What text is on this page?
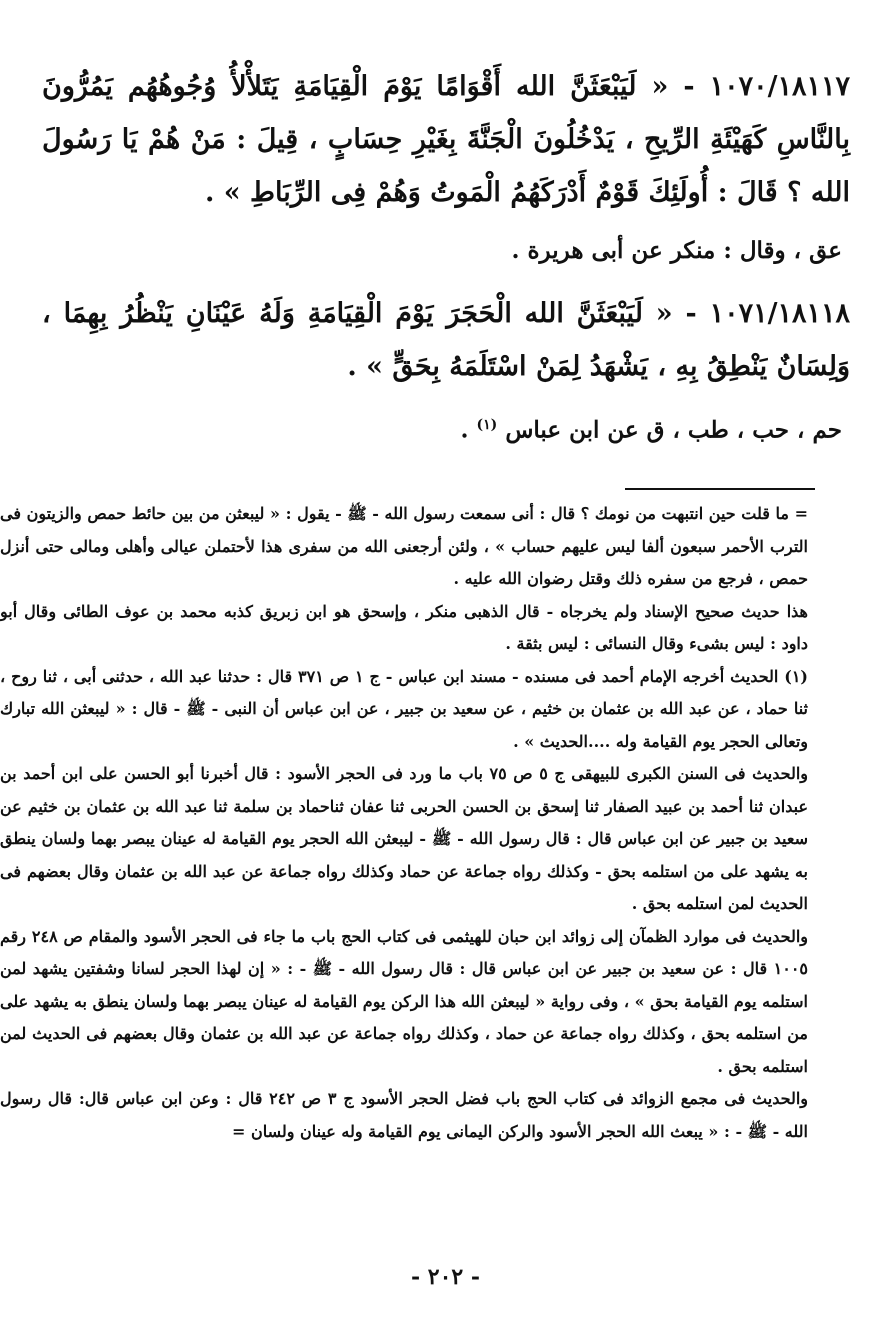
١٠٧٠/١٨١١٧ - « لَيَبْعَثَنَّ الله أَقْوَامًا يَوْمَ الْقِيَامَةِ يَتَلأْلأُ وُجُوهُهُم يَمُرُّونَ بِالنَّاسِ كَهَيْئَةِ الرِّيحِ ، يَدْخُلُونَ الْجَنَّةَ بِغَيْرِ حِسَابٍ ، قِيلَ : مَنْ هُمْ يَا رَسُولَ الله ؟ قَالَ : أُولَئِكَ قَوْمٌ أَدْرَكَهُمُ الْمَوتُ وَهُمْ فِى الرِّبَاطِ » .

عق ، وقال : منكر عن أبى هريرة .

١٠٧١/١٨١١٨ - « لَيَبْعَثَنَّ الله الْحَجَرَ يَوْمَ الْقِيَامَةِ وَلَهُ عَيْنَانِ يَنْظُرُ بِهِمَا ، وَلِسَانٌ يَنْطِقُ بِهِ ، يَشْهَدُ لِمَنْ اسْتَلَمَهُ بِحَقٍّ » .

حم ، حب ، طب ، ق عن ابن عباس $^{(١)}$ .

= ما قلت حين انتبهت من نومك ؟ قال : أنى سمعت رسول الله - ﷺ - يقول : « ليبعثن من بين حائط حمص والزيتون فى الترب الأحمر سبعون ألفا ليس عليهم حساب » ، ولئن أرجعنى الله من سفرى هذا لأحتملن عيالى وأهلى ومالى حتى أنزل حمص ، فرجع من سفره ذلك وقتل رضوان الله عليه .

هذا حديث صحيح الإسناد ولم يخرجاه - قال الذهبى منكر ، وإسحق هو ابن زبريق كذبه محمد بن عوف الطائى وقال أبو داود : ليس بشىء وقال النسائى : ليس بثقة .

(١) الحديث أخرجه الإمام أحمد فى مسنده - مسند ابن عباس - ج ١ ص ٣٧١ قال : حدثنا عبد الله ، حدثنى أبى ، ثنا روح ، ثنا حماد ، عن عبد الله بن عثمان بن خثيم ، عن سعيد بن جبير ، عن ابن عباس أن النبى - ﷺ - قال : « ليبعثن الله تبارك وتعالى الحجر يوم القيامة وله ....الحديث » .

والحديث فى السنن الكبرى للبيهقى ج ٥ ص ٧٥ باب ما ورد فى الحجر الأسود : قال أخبرنا أبو الحسن على ابن أحمد بن عبدان ثنا أحمد بن عبيد الصفار ثنا إسحق بن الحسن الحربى ثنا عفان ثناحماد بن سلمة ثنا عبد الله بن عثمان بن خثيم عن سعيد بن جبير عن ابن عباس قال : قال رسول الله - ﷺ - ليبعثن الله الحجر يوم القيامة له عينان يبصر بهما ولسان ينطق به يشهد على من استلمه بحق - وكذلك رواه جماعة عن حماد وكذلك رواه جماعة عن عبد الله بن عثمان وقال بعضهم فى الحديث لمن استلمه بحق .

والحديث فى موارد الظمآن إلى زوائد ابن حبان للهيثمى فى كتاب الحج باب ما جاء فى الحجر الأسود والمقام ص ٢٤٨ رقم ١٠٠٥ قال : عن سعيد بن جبير عن ابن عباس قال : قال رسول الله - ﷺ - : « إن لهذا الحجر لسانا وشفتين يشهد لمن استلمه يوم القيامة بحق » ، وفى رواية « ليبعثن الله هذا الركن يوم القيامة له عينان يبصر بهما ولسان ينطق به يشهد على من استلمه بحق ، وكذلك رواه جماعة عن حماد ، وكذلك رواه جماعة عن عبد الله بن عثمان وقال بعضهم فى الحديث لمن استلمه بحق .

والحديث فى مجمع الزوائد فى كتاب الحج باب فضل الحجر الأسود ج ٣ ص ٢٤٢ قال : وعن ابن عباس قال: قال رسول الله - ﷺ - : « يبعث الله الحجر الأسود والركن اليمانى يوم القيامة وله عينان ولسان =

- ٢٠٢ -
